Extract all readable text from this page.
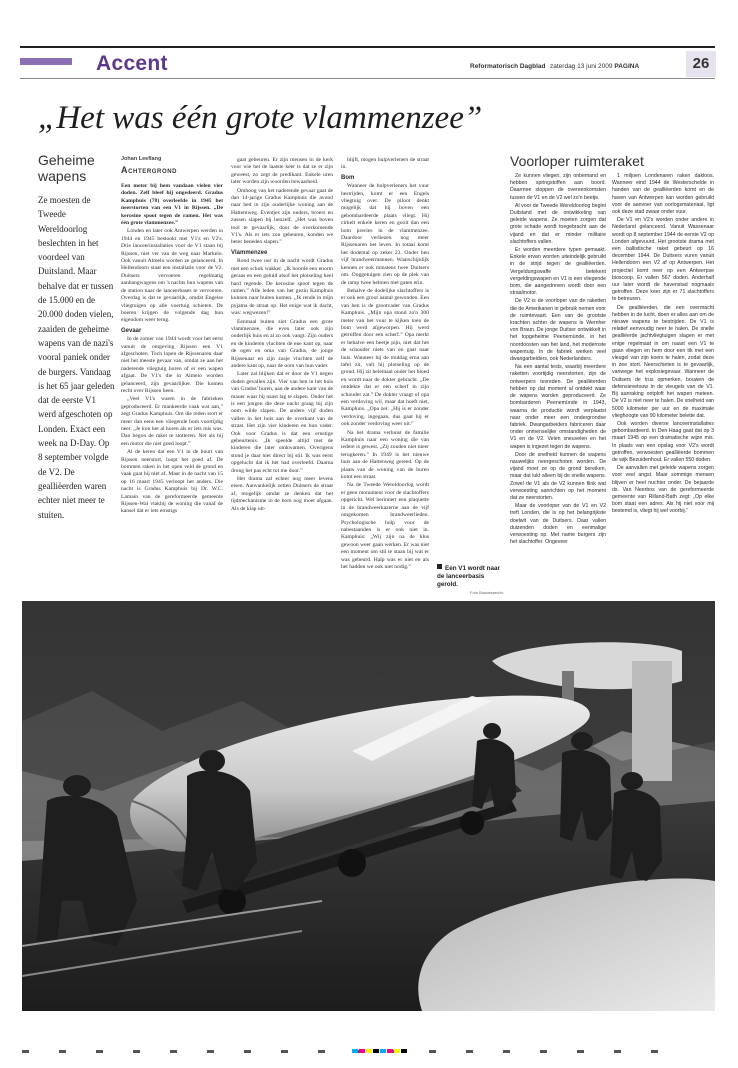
Accent	Reformatorisch Dagblad zaterdag 13 juni 2009 PAGINA	26
„Het was één grote vlammenzee”
Geheime
wapens
Ze moesten de Tweede Wereldoorlog beslechten in het voordeel van Duitsland. Maar behalve dat er tussen de 15.000 en de 20.000 doden vielen, zaaiden de geheime wapens van de nazi's vooral paniek onder de burgers. Vandaag is het 65 jaar geleden dat de eerste V1 werd afgeschoten op Londen. Exact een week na D-Day. Op 8 september volgde de V2. De gealliëerden waren echter niet meer te stuiten.
Johan Leeflang
Achtergrond

Een meter bij hem vandaan vielen vier doden. Zelf bleef hij ongedeerd. Gradus Kamphuis (78) overleefde in 1945 het neerstorten van een V1 in Rijssen. „De kerosine spoot tegen de ramen. Het was één grote vlammenzee.”

Londen en later ook Antwerpen werden in 1944 en 1945 bestookt met V1's en V2's. Drie lanceerinstallaties voor de V1 staan bij Rijssen, niet ver van de weg naar Markelo. Ook vanuit Almelo worden ze gelanceerd. In Hellendoorn staat een installatie voor de V2. Duitsers vervoeren regelmatig aanhangwagens om 's nachts hun wapens van de station naar de lanceerbases te vervoeren. Overdag is dat te gevaarlijk, omdat Engelse vliegtuigen op alle voertuig schieten. De boeren krijgen de volgende dag hun eigendom weer terug.

Gevaar

In de zomer van 1944 wordt voor het eerst vanuit de omgeving Rijssen een V1 afgeschoten. Toch lopen de Rijssenaren daar niet het meeste gevaar van, omdat ze aan het naderende vliegtuig horen of er een wapen afgaat. De V1's die in Almelo worden gelanceerd, zijn gevaarlijker. Die komen recht over Rijssen heen.

„Veel V1's waren in de fabrieken geproduceerd. Er mankeerde vaak wat aan,” zegt Gradus Kamphuis. Om die reden stort er meer dan eens een vliegende bom voortijdig neer. „Je kon het al horen als er iets mis was. Dan begon de raket te stotteren. Net als bij een motor die niet goed loopt.”

Al de keren dat een V1 in de buurt van Rijssen neerstort, loopt het goed af. De bommen raken in het open veld de grond en vaak gaat hij niet af. Maar in de nacht van 15 op 16 maart 1945 verloopt het anders. Die nacht is Gradus Kamphuis bij Dr. W.C. Lamain van de gereformeerde gemeente Rijssen-Wal vlakbij de woning die vanaf de kansel dat er iets ernstigs

gaat gebeuren. Er zijn mensen in de kerk voor wie het de laatste keer is dat ze er zijn geweest, zo zegt de predikant. Enkele uren later worden zijn woorden bewaarheid.

Omhoog van het naderende gevaar gaat de dan 14-jarige Gradus Kamphuis die avond naar bed in zijn ouderlijke woning aan de Hattemweg. Eventjes zijn ouders, broers en zussen slapen bij henzelf. „Het was boven tool te gevaarlijk, door de overkomende V1's. Als er iets zou gebeuren, konden we beter beneden slapen.”

Vlammenzee

Rond twee uur in de nacht wordt Gradus met een schok wakker. „Ik hoorde een enorm geraas en een geluid alsof het plotseling heel hard regende. De kerosine spoot tegen de ramen.” Alle leden van het gezin Kamphuis kunnen naar buiten komen. „Ik rende in mijn pyjama de straat op. Het enige wat ik dacht, was: wegwezen!”

Eenmaal buiten ziet Gradus een grote vlammenzee, die even later ook zijn ouderlijk huis en al zo ook vangt. Zijn ouders en de kinderen vluchten de ene kant op, naar de ogen en oma van Gradus, de jonge Rijssenaar en zijn zusje vluchten zelf de andere kant op, naar de oom van hun vader.

Later zal blijken dat er door de V1 negen doden gevallen zijn. Vier van hen in het huis van Gradus' buren, aan de andere kant van de mauer waar hij naast lag te slapen. Onder het is een jongen die deze nacht graag bij zijn oom wilde slapen. De andere vijf doden vallen in het huis aan de overkant van de straat. Het zijn vier kinderen en hun vader. Ook voor Gradus is dat een ernstige gebeurtenis. „Ik speelde altijd met de kinderen die later omkwamen. Overigens stond je daar niet direct bij stil. Ik was eerst opgelucht dat ik het had overleefd. Daarna drong het pas echt tot me door.”

Het drama zal echter nog meer levens eisen. Aanvankelijk zetten Duitsers de straat af, mogelijk omdat ze denken dat het tijdmechanisme in de bom nog moet afgaan. Als de klap uit-

blijft, mogen hulpverleners de straat in.

Bom

Wanneer de hulpverleners het vuur bestrijden, komt er een Engels vliegtuig over. De piloot denkt mogelijk dat hij boven een gebombardeerde plaats vliegt. Hij cirkelt enkele keren en gooit dan een bom precies in de vlammenzee. Daardoor verliezen nog meer Rijssenaren het leven. In totaal komt het dodental op zeker 23. Onder hen vijf brandweermannen. Waarschijnlijk kennen er ook minstens twee Duitsers om. Ooggetuigen zien op de plek van de ramp twee helmen met gaten erin.

Behalve de dodelijke slachtoffers is er ook een groot aantal gewonden. Een van hen is de grootvader van Gradus Kamphuis. „Mijn opa stond zo'n 300 meter van het vuur te kijken toen de bom werd afgeworpen. Hij werd getroffen door een scherf.” Opa merkt er behalve een beetje pijn, niet dat het de schouder niets van en gaat naar huis. Wanneer hij de middag erna aan tafel zit, valt hij plotseling op de grond. Hij zit helemaal onder het bloed en wordt naar de dokter gebracht. „De ontdekte dat er een scherf in zijn schouder zat.” De dokter vraagt of opa een verdoving wil, maar dat hoeft niet, Kamphuis. „Opa zei: „Hij is er zonder verdoving, ingegaan, dus gaat hij er ook zonder verdoving weer uit.”

Na het drama verhuist de familie Kamphuis naar een woning die van iedere is gewest. „Zij zouden niet meer terugkeren.” In 1949 is het nieuwe huis aan de Hattenweg gereed. Op de plaats van de woning van de buren komt een straat.

Na de Tweede Wereldoorlog wordt er geen monument voor de slachtoffers opgericht. Wel herinnert een plaquette in de brandweerkazerne aan de vijf omgekomen brandweerlieden. Psychologische hulp voor de nabestaanden is er ook niet in. Kamphuis: „Wij zijn na de klus gewoon weer gaan werken. Er was niet een moment om stil te staan bij wat er was gebeurd. Halp was er niet en als het hadden we ook niet nodig.”	Een V1 wordt naar de lanceerbasis gerold.
Foto Bundesarchiv
Voorloper ruimteraket

Ze kunnen vliegen, zijn onbemand en hebben springstoffen aan boord. Daarmee stoppen de overeenkomsten tussen de V1 en de V2 wel zo'n beetje.

Al voor de Tweede Wereldoorlog begint Duitsland met de ontwikkeling van geleide wapens. Ze moeten zorgen dat grote schade wordt toegebracht aan de vijand en dat er minder militaire slachtoffers vallen.

Er worden meerdere typen gemaakt. Enkele ervan worden uiteindelijk gebruikt in de strijd tegen de gealliëerden. Vergeldungswaffe betekent vergeldingswapen en V1 is een vliegende bom, die aangedreven wordt door een straalmotor.

De V2 is de voorloper van de raketten die de Amerikanen in gebruik nemen voor de ruimtevaart. Een van de grootste krachten achter de wapens is Wernher von Braun. De jonge Duitser ontwikkelt in het topgeheime Peenemünde, in het noordoosten van het land, het modernste wapentuig. In de fabriek werken veel dwangarbeiders, ook Nederlanders.

Na een aantal tests, waarbij meerdere raketten voortijdig neerstorten, zijn de ontwerpers tevreden. De gealliëerden hebben op dat moment al ontdekt waar de wapens worden geproduceerd. Ze bombarderen Peenemünde in 1943, waarna de productie wordt verplaatst naar onder meer een ondergrondse fabriek. Dwangarbeiders fabriceren daar onder onmenselijke omstandigheden de V1 en de V2. Velen sneuvelen en het wapen is ingezet tegen de wapens.

Door de snelheid kunnen de wapens nauwelijks neergeschoten worden. De vijand moet ze op de grond bereiken, maar dat lukt alleen bij de snelle wapens. Zowel de V1 als de V2 kunnen flink wat verwoesting aanrichten op het moment dat ze neerstorten.

Maar de voorloper van de V1 en V2 treft Londen, die is op het belangrijkste doelwit van de Duitsers. Daar vallen duizenden doden en eenmalige verwoesting op. Met name burgers zijn het slachtoffer. Ongeveer

1 miljoen Londenaren raken dakloos. Wanneer eind 1944 de Westerschelde in handen van de gealliëerden komt en de haven van Antwerpen kan worden gebruikt voor de aanvoer van oorlogsmateriaal, ligt ook deze stad zwaar onder vuur.

De V1 en V2's worden onder andere in Nederland gelanceerd. Vanuit Wassenaar wordt op 8 september 1944 de eerste V2 op Londen afgevuurd. Het grootste drama met een ballistische raket gebeurt op 16 december 1944. De Duitsers vuren vanuit Hellendoorn een V2 af op Antwerpen. Het projectiel komt neer op een Antwerpse bioscoop. Er vallen 567 doden. Anderhalf uur later wordt de havenstad nogmaals getroffen. Deze keer zijn er 71 slachtoffers te betreuren.

De gealliëerden, die een overmacht hebben in de lucht, doen er alles aan om de nieuwe wapens te bestrijden. De V1 is relatief eenvoudig neer te halen. De snelle gealliëerde jachtvliegtuigen slagen er met enige regelmaat in om naast een V1 te gaan vliegen en hem door een tik met een vleugel van zijn koers te halen, zodat deze in zee stort. Neerschieten is te gevaarlijk, vanwege het explosiegevaar. Wanneer de Duitsers de trus opmerken, bouwen de defensievetouw in de vleugels van de V1. Bij aanraking ontploft het wapen meteen. De V2 is niet neer te halen. De snelheid van 5000 kilometer per uur en de maximale vlieghoogte van 90 kilometer belette dat.

Ook worden diverse lanceerinstallaties gebombardeerd. In Den Haag gaat dat op 3 maart 1945 op een dramatische wijze mis. In plaats van een opslag voor V2's wordt getroffen, verwoesten gealliëerde bommen de wijk Bezuidenhout. Er vallen 550 doden.

De aanvallen met geleide wapens zorgen voor veel angst. Maar sommige mensen blijven er heel nuchter onder. De bejaarde ds. Van Neerbos van de gereformeerde gemeente van Rilland-Bath zegt: „Op elke bom staat een adres. Als hij niet voor mij bestemd is, vliegt hij wel voorbij.”
